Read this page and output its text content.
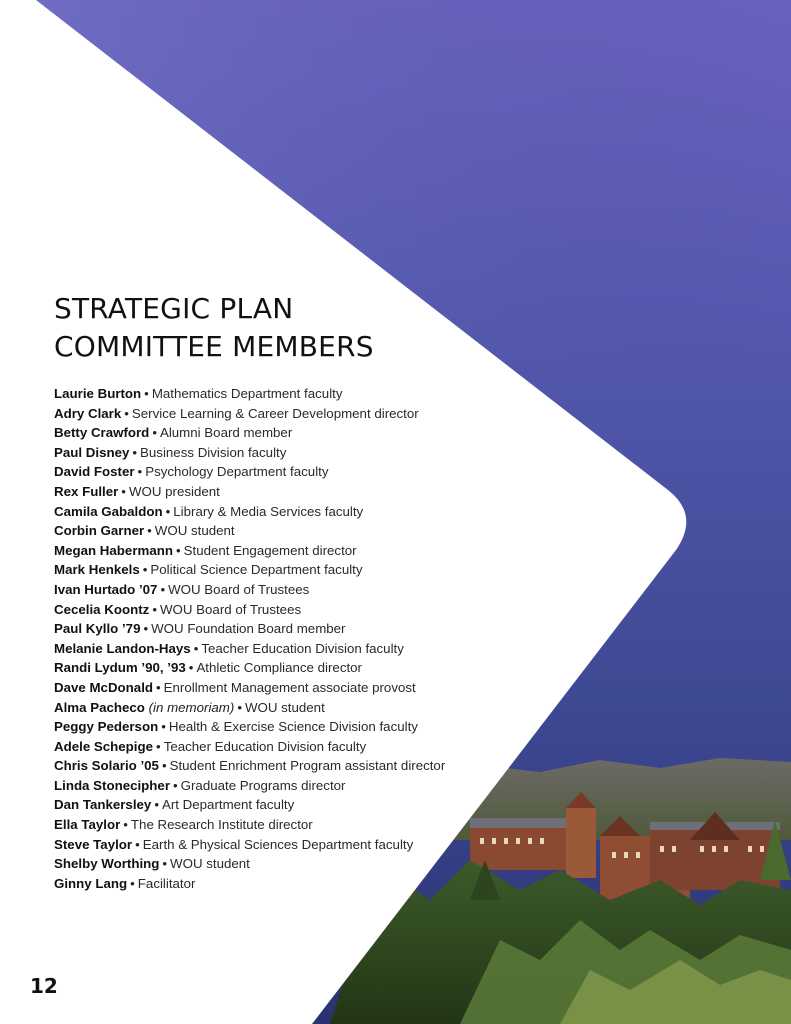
STRATEGIC PLAN
COMMITTEE MEMBERS
Laurie Burton • Mathematics Department faculty
Adry Clark • Service Learning & Career Development director
Betty Crawford • Alumni Board member
Paul Disney • Business Division faculty
David Foster • Psychology Department faculty
Rex Fuller • WOU president
Camila Gabaldon • Library & Media Services faculty
Corbin Garner • WOU student
Megan Habermann • Student Engagement director
Mark Henkels • Political Science Department faculty
Ivan Hurtado ’07 • WOU Board of Trustees
Cecelia Koontz • WOU Board of Trustees
Paul Kyllo ’79 • WOU Foundation Board member
Melanie Landon-Hays • Teacher Education Division faculty
Randi Lydum ’90, ’93 • Athletic Compliance director
Dave McDonald • Enrollment Management associate provost
Alma Pacheco (in memoriam) • WOU student
Peggy Pederson • Health & Exercise Science Division faculty
Adele Schepige • Teacher Education Division faculty
Chris Solario ’05 • Student Enrichment Program assistant director
Linda Stonecipher • Graduate Programs director
Dan Tankersley • Art Department faculty
Ella Taylor • The Research Institute director
Steve Taylor • Earth & Physical Sciences Department faculty
Shelby Worthing • WOU student
Ginny Lang • Facilitator
12
